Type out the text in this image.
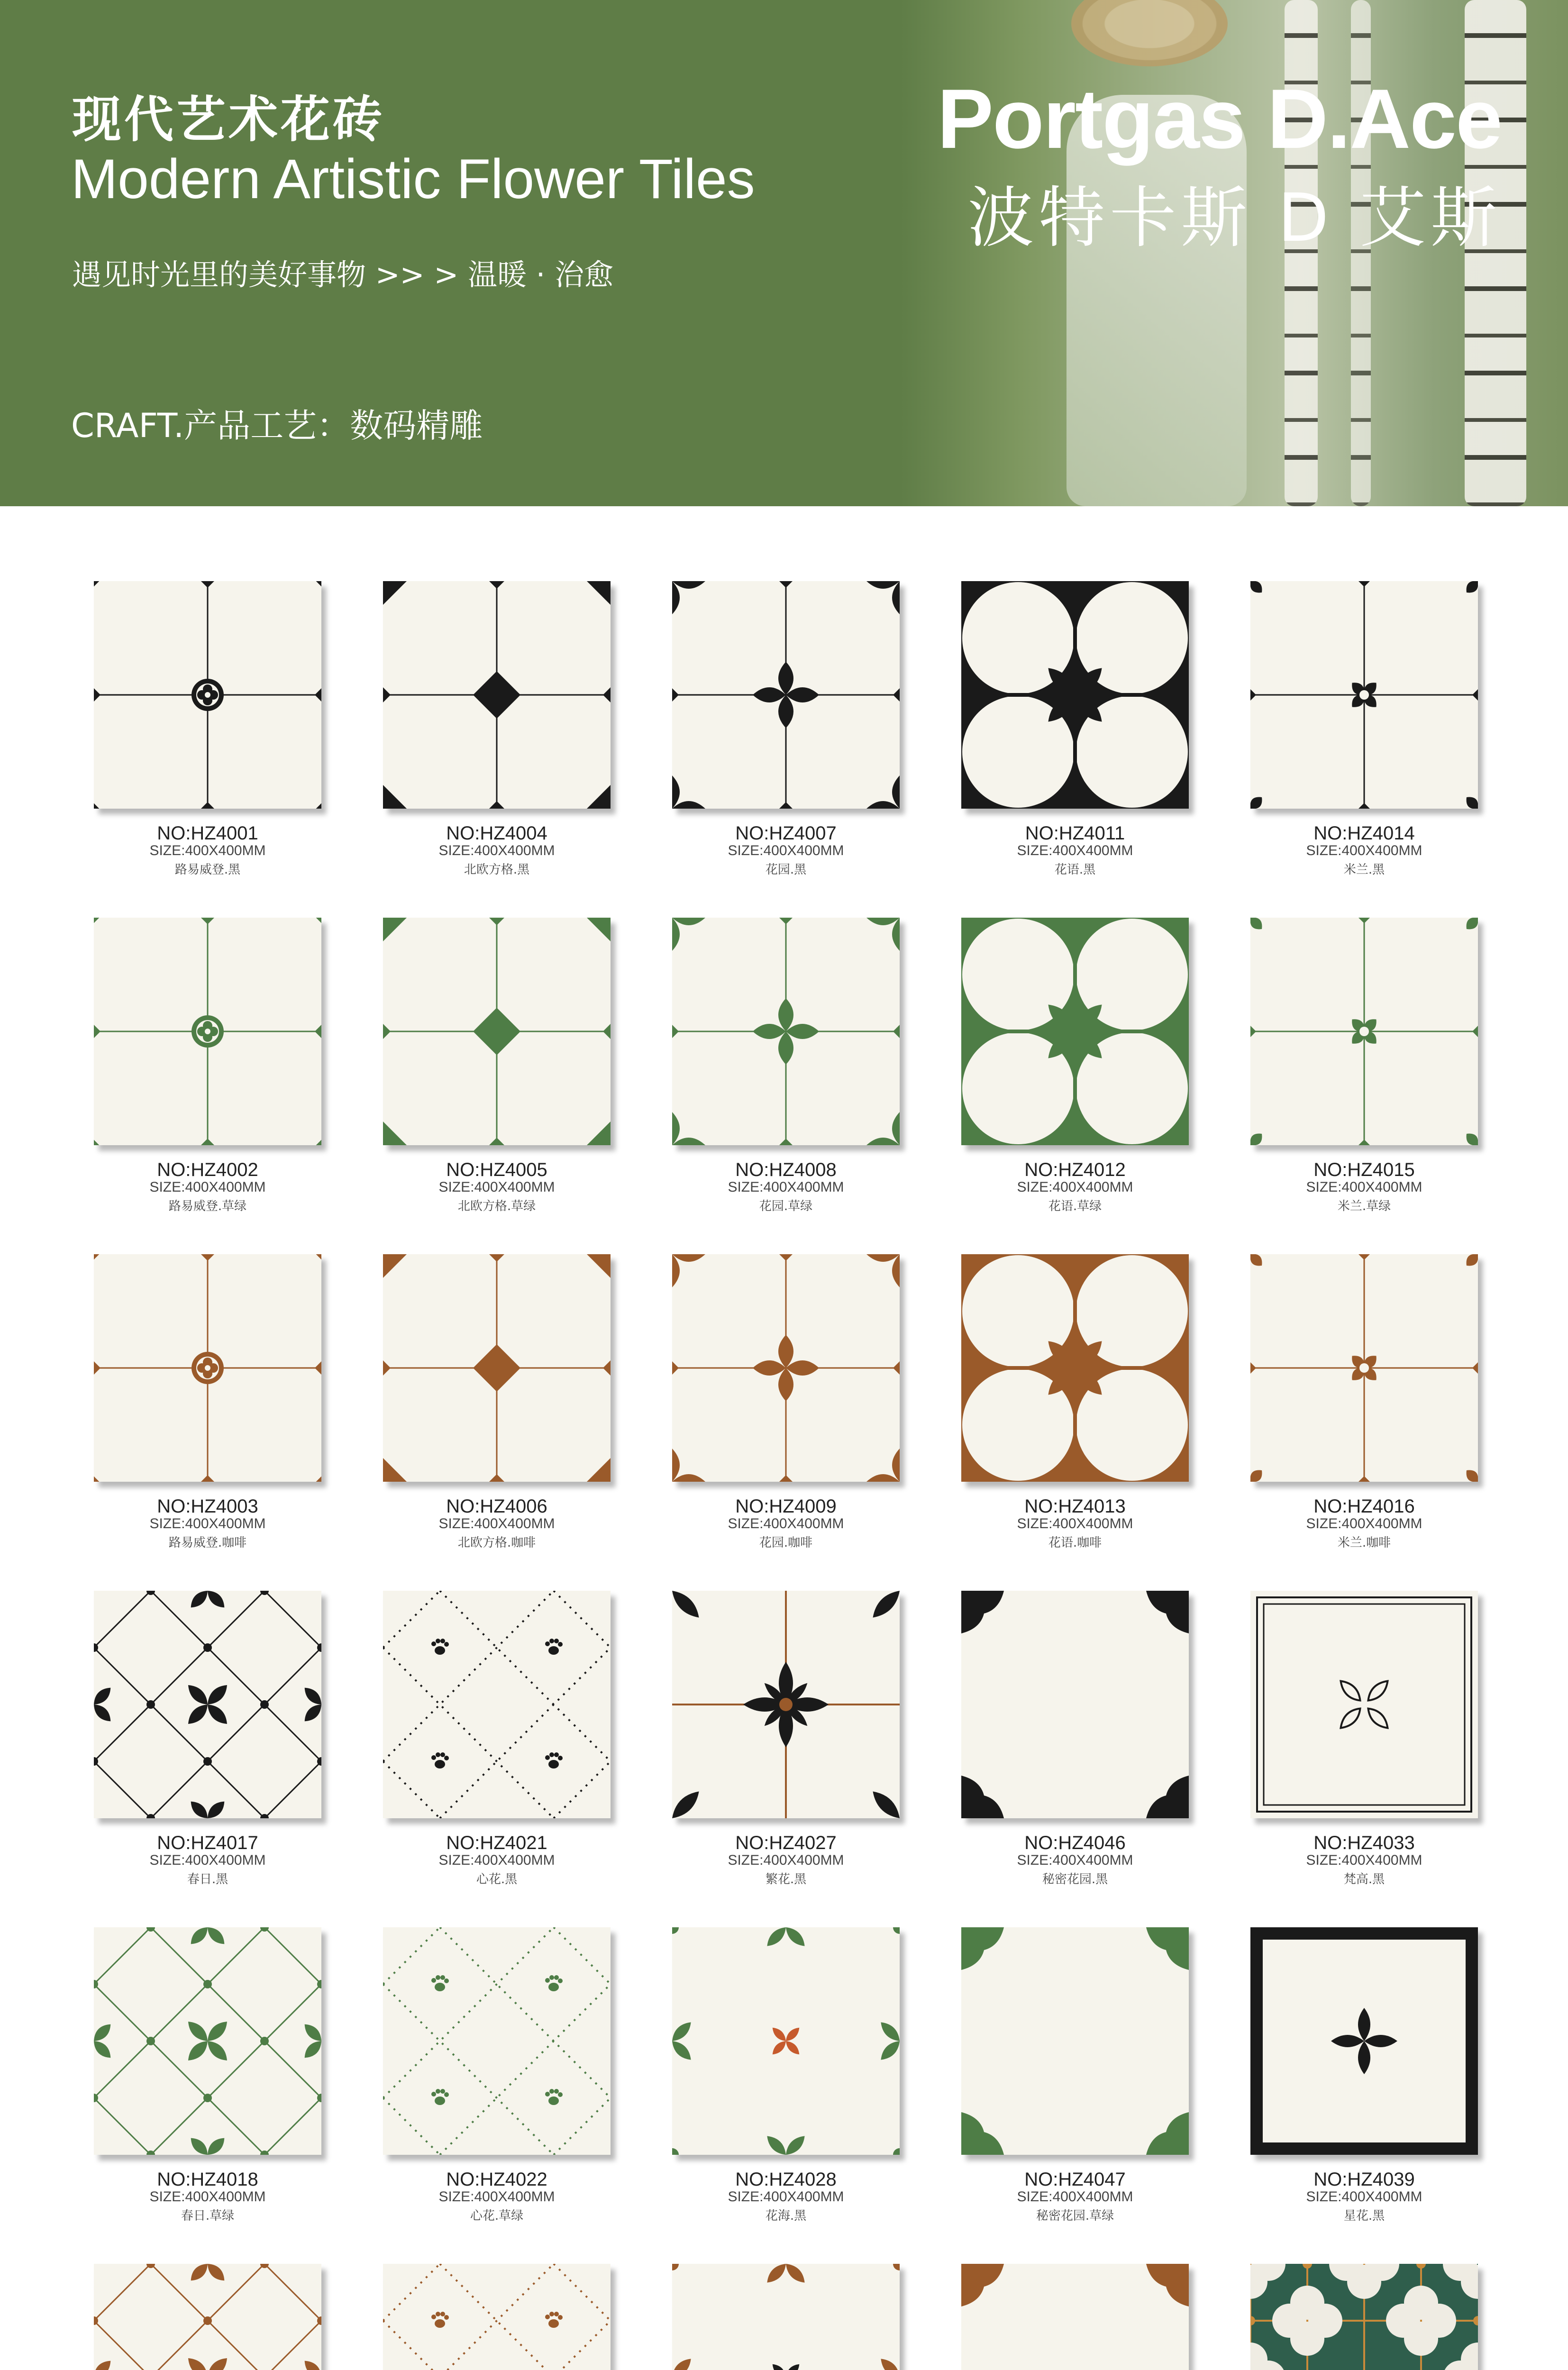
现代艺术花砖
Modern Artistic Flower Tiles
遇见时光里的美好事物 >> > 温暖 · 治愈
CRAFT.产品工艺：数码精雕
Portgas D.Ace
波特卡斯 D 艾斯
NO:HZ4001
SIZE:400X400MM
路易威登.黑
NO:HZ4004
SIZE:400X400MM
北欧方格.黑
NO:HZ4007
SIZE:400X400MM
花园.黑
NO:HZ4011
SIZE:400X400MM
花语.黑
NO:HZ4014
SIZE:400X400MM
米兰.黑
NO:HZ4002
SIZE:400X400MM
路易威登.草绿
NO:HZ4005
SIZE:400X400MM
北欧方格.草绿
NO:HZ4008
SIZE:400X400MM
花园.草绿
NO:HZ4012
SIZE:400X400MM
花语.草绿
NO:HZ4015
SIZE:400X400MM
米兰.草绿
NO:HZ4003
SIZE:400X400MM
路易威登.咖啡
NO:HZ4006
SIZE:400X400MM
北欧方格.咖啡
NO:HZ4009
SIZE:400X400MM
花园.咖啡
NO:HZ4013
SIZE:400X400MM
花语.咖啡
NO:HZ4016
SIZE:400X400MM
米兰.咖啡
NO:HZ4017
SIZE:400X400MM
春日.黑
NO:HZ4021
SIZE:400X400MM
心花.黑
NO:HZ4027
SIZE:400X400MM
繁花.黑
NO:HZ4046
SIZE:400X400MM
秘密花园.黑
NO:HZ4033
SIZE:400X400MM
梵高.黑
NO:HZ4018
SIZE:400X400MM
春日.草绿
NO:HZ4022
SIZE:400X400MM
心花.草绿
NO:HZ4028
SIZE:400X400MM
花海.黑
NO:HZ4047
SIZE:400X400MM
秘密花园.草绿
NO:HZ4039
SIZE:400X400MM
星花.黑
